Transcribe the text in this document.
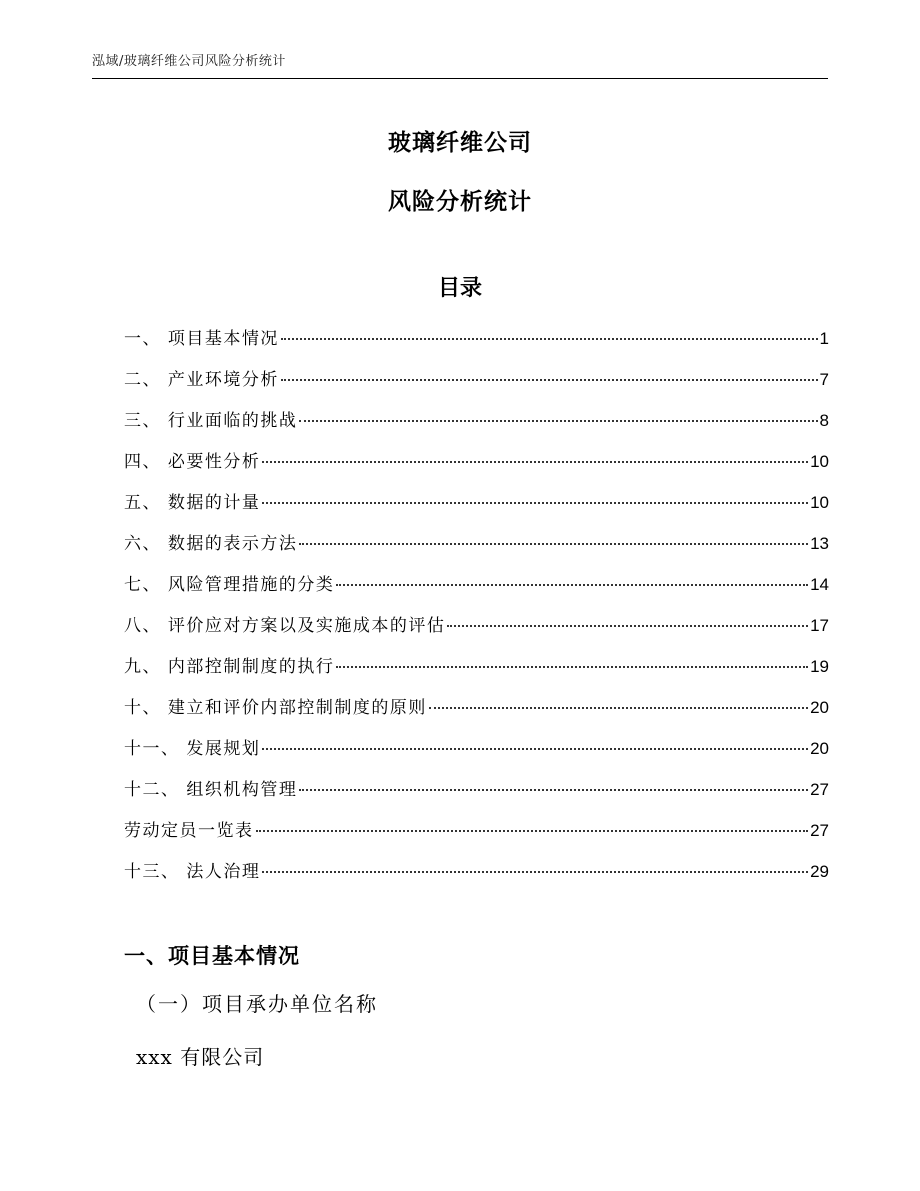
泓域/玻璃纤维公司风险分析统计
玻璃纤维公司
风险分析统计
目录
一、 项目基本情况	1
二、 产业环境分析	7
三、 行业面临的挑战	8
四、 必要性分析	10
五、 数据的计量	10
六、 数据的表示方法	13
七、 风险管理措施的分类	14
八、 评价应对方案以及实施成本的评估	17
九、 内部控制制度的执行	19
十、 建立和评价内部控制制度的原则	20
十一、 发展规划	20
十二、 组织机构管理	27
劳动定员一览表	27
十三、 法人治理	29
一、项目基本情况
（一）项目承办单位名称
xxx 有限公司
